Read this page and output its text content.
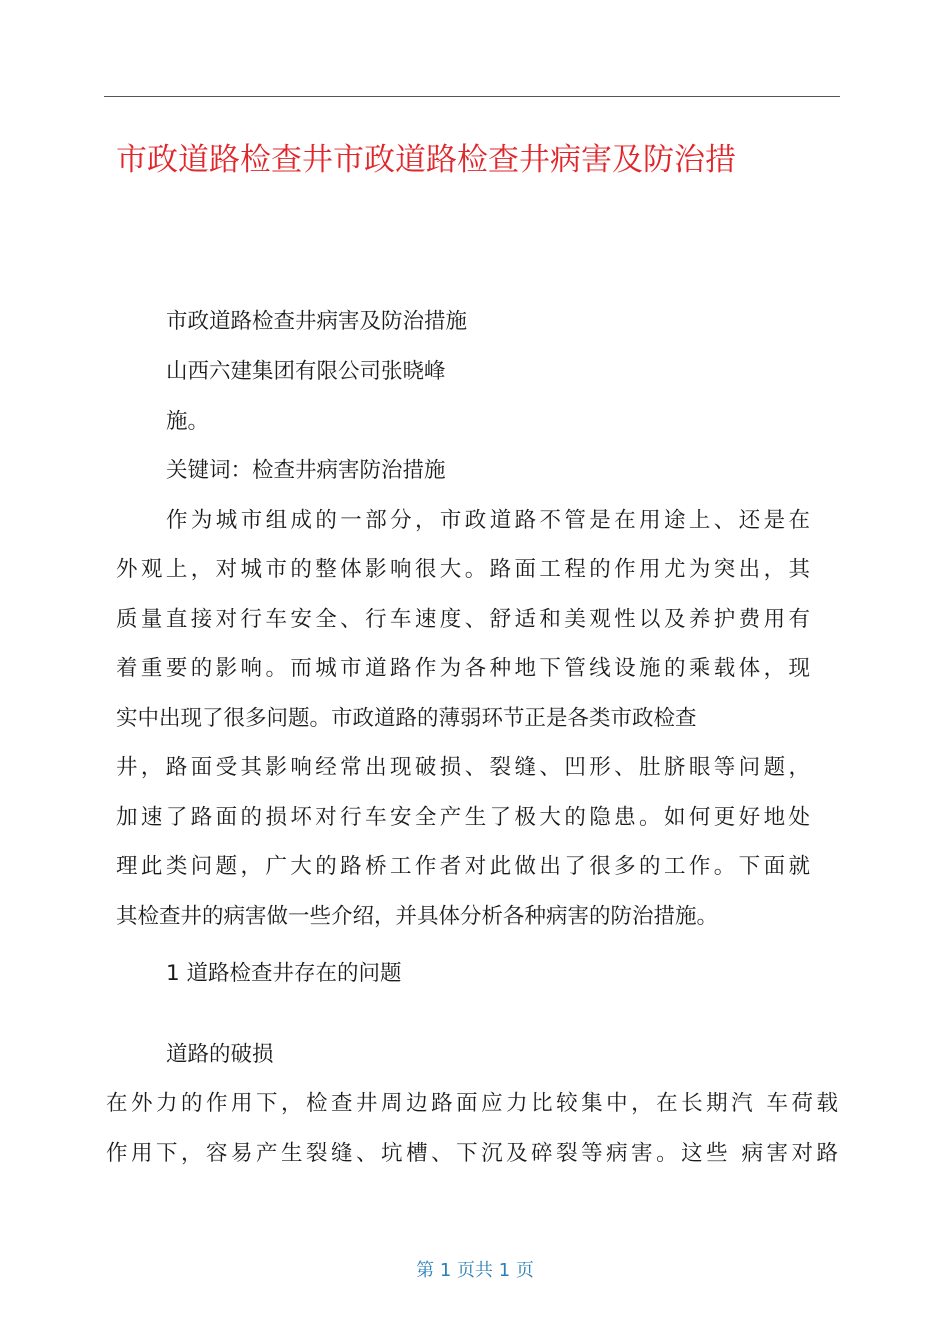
市政道路检查井市政道路检查井病害及防治措

市政道路检查井病害及防治措施

山西六建集团有限公司张晓峰

施。

关键词：检查井病害防治措施

作为城市组成的一部分，市政道路不管是在用途上、还是在

外观上，对城市的整体影响很大。路面工程的作用尤为突出，其

质量直接对行车安全、行车速度、舒适和美观性以及养护费用有

着重要的影响。而城市道路作为各种地下管线设施的乘载体，现

实中出现了很多问题。市政道路的薄弱环节正是各类市政检查

井，路面受其影响经常出现破损、裂缝、凹形、肚脐眼等问题，

加速了路面的损坏对行车安全产生了极大的隐患。如何更好地处

理此类问题，广大的路桥工作者对此做出了很多的工作。下面就

其检查井的病害做一些介绍，并具体分析各种病害的防治措施。

1 道路检查井存在的问题

道路的破损

在外力的作用下，检查井周边路面应力比较集中，在长期汽 车荷载

作用下，容易产生裂缝、坑槽、下沉及碎裂等病害。这些 病害对路

第 1 页共 1 页
